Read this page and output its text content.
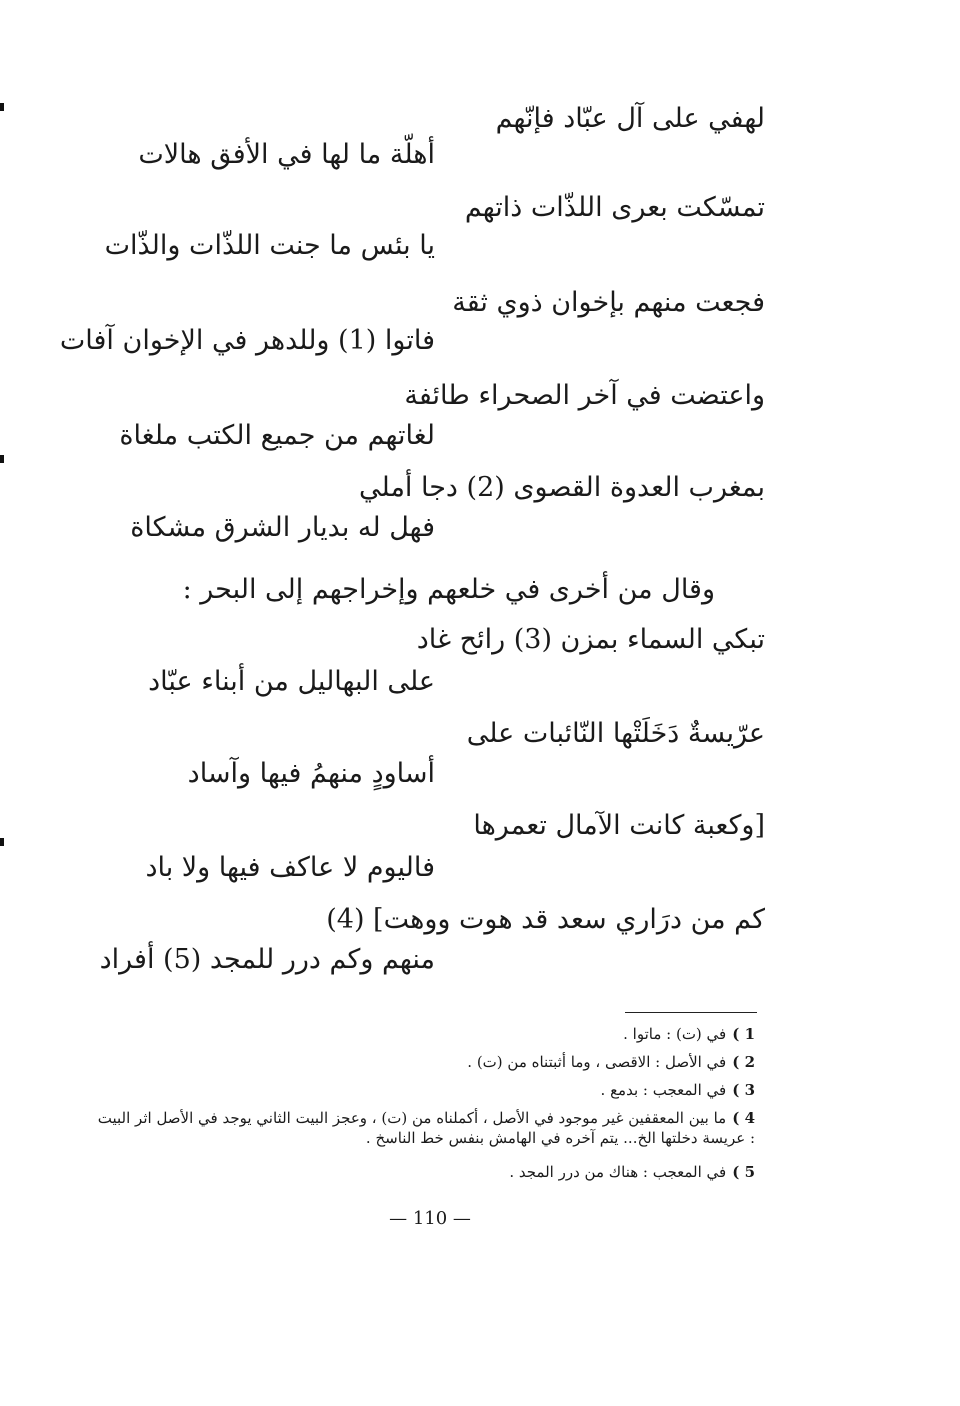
لهفي على آل عبّاد فإنّهم
أهلّة ما لها في الأفق هالات
تمسّكت بعرى اللذّات ذاتهم
يا بئس ما جنت اللذّات والذّات
فجعت منهم بإخوان ذوي ثقة
فاتوا (1) وللدهر في الإخوان آفات
واعتضت في آخر الصحراء طائفة
لغاتهم من جميع الكتب ملغاة
بمغرب العدوة القصوى (2) دجا أملي
فهل له بديار الشرق مشكاة
وقال من أخرى في خلعهم وإخراجهم إلى البحر :
تبكي السماء بمزن (3) رائح غاد
على البهاليل من أبناء عبّاد
عرّيسةٌ دَخَلَتْها النّائبات على
أساودٍ منهمُ فيها وآساد
[وكعبة كانت الآمال تعمرها
فاليوم لا عاكف فيها ولا باد
كم من درَاري سعد قد هوت ووهت] (4)
منهم وكم درر للمجد (5) أفراد
1 )في (ت) : ماتوا .
2 )في الأصل : الاقصى ، وما أثبتناه من (ت) .
3 )في المعجب : بدمع .
4 )ما بين المعقفين غير موجود في الأصل ، أكملناه من (ت) ، وعجز البيت الثاني يوجد في الأصل اثر البيت : عريسة دخلتها الخ... يتم آخره في الهامش بنفس خط الناسخ .
5 )في المعجب : هناك من درر المجد .
— 110 —
